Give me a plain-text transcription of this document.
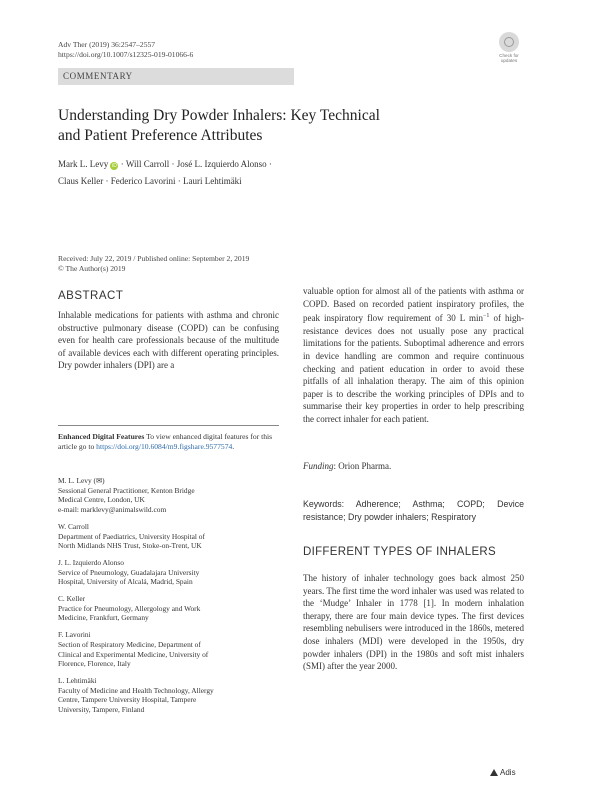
Adv Ther (2019) 36:2547–2557
https://doi.org/10.1007/s12325-019-01066-6	Check for updates
COMMENTARY
Understanding Dry Powder Inhalers: Key Technical
and Patient Preference Attributes
Mark L. Levy iD · Will Carroll · José L. Izquierdo Alonso ·
Claus Keller · Federico Lavorini · Lauri Lehtimäki
Received: July 22, 2019 / Published online: September 2, 2019
© The Author(s) 2019
ABSTRACT
Inhalable medications for patients with asthma and chronic obstructive pulmonary disease (COPD) can be confusing even for health care professionals because of the multitude of available devices each with different operating principles. Dry powder inhalers (DPI) are a
Enhanced Digital Features To view enhanced digital features for this article go to https://doi.org/10.6084/m9.figshare.9577574.
M. L. Levy (✉)
Sessional General Practitioner, Kenton Bridge
Medical Centre, London, UK
e-mail: marklevy@animalswild.com
W. Carroll
Department of Paediatrics, University Hospital of
North Midlands NHS Trust, Stoke-on-Trent, UK
J. L. Izquierdo Alonso
Service of Pneumology, Guadalajara University
Hospital, University of Alcalá, Madrid, Spain
C. Keller
Practice for Pneumology, Allergology and Work
Medicine, Frankfurt, Germany
F. Lavorini
Section of Respiratory Medicine, Department of
Clinical and Experimental Medicine, University of
Florence, Florence, Italy
L. Lehtimäki
Faculty of Medicine and Health Technology, Allergy
Centre, Tampere University Hospital, Tampere
University, Tampere, Finland
valuable option for almost all of the patients with asthma or COPD. Based on recorded patient inspiratory profiles, the peak inspiratory flow requirement of 30 L $\min^{-1}$ of high-resistance devices does not usually pose any practical limitations for the patients. Suboptimal adherence and errors in device handling are common and require continuous checking and patient education in order to avoid these pitfalls of all inhalation therapy. The aim of this opinion paper is to describe the working principles of DPIs and to summarise their key properties in order to help prescribing the correct inhaler for each patient.
Funding: Orion Pharma.
Keywords: Adherence; Asthma; COPD; Device resistance; Dry powder inhalers; Respiratory
DIFFERENT TYPES OF INHALERS
The history of inhaler technology goes back almost 250 years. The first time the word inhaler was used was related to the ‘Mudge’ Inhaler in 1778 [1]. In modern inhalation therapy, there are four main device types. The first devices resembling nebulisers were introduced in the 1860s, metered dose inhalers (MDI) were developed in the 1950s, dry powder inhalers (DPI) in the 1980s and soft mist inhalers (SMI) after the year 2000.
Adis
